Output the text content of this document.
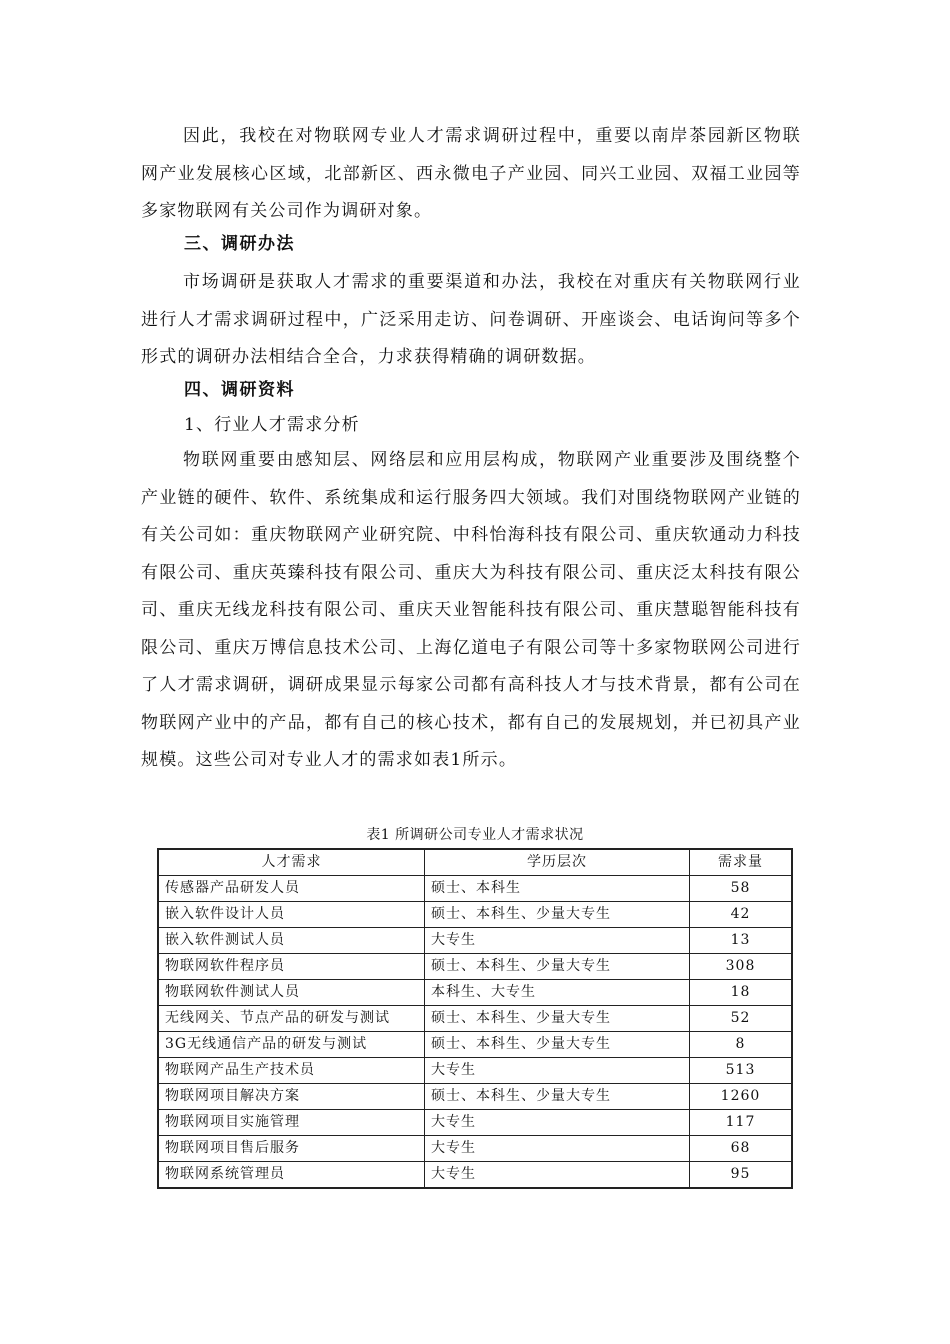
因此，我校在对物联网专业人才需求调研过程中，重要以南岸茶园新区物联网产业发展核心区域，北部新区、西永微电子产业园、同兴工业园、双福工业园等多家物联网有关公司作为调研对象。

三、调研办法

市场调研是获取人才需求的重要渠道和办法，我校在对重庆有关物联网行业进行人才需求调研过程中，广泛采用走访、问卷调研、开座谈会、电话询问等多个形式的调研办法相结合全合，力求获得精确的调研数据。

四、调研资料

1、行业人才需求分析

物联网重要由感知层、网络层和应用层构成，物联网产业重要涉及围绕整个产业链的硬件、软件、系统集成和运行服务四大领域。我们对围绕物联网产业链的有关公司如：重庆物联网产业研究院、中科怡海科技有限公司、重庆软通动力科技有限公司、重庆英臻科技有限公司、重庆大为科技有限公司、重庆泛太科技有限公司、重庆无线龙科技有限公司、重庆天业智能科技有限公司、重庆慧聪智能科技有限公司、重庆万博信息技术公司、上海亿道电子有限公司等十多家物联网公司进行了人才需求调研，调研成果显示每家公司都有高科技人才与技术背景，都有公司在物联网产业中的产品，都有自己的核心技术，都有自己的发展规划，并已初具产业规模。这些公司对专业人才的需求如表1所示。

表1 所调研公司专业人才需求状况
人才需求	学历层次	需求量
传感器产品研发人员	硕士、本科生	58
嵌入软件设计人员	硕士、本科生、少量大专生	42
嵌入软件测试人员	大专生	13
物联网软件程序员	硕士、本科生、少量大专生	308
物联网软件测试人员	本科生、大专生	18
无线网关、节点产品的研发与测试	硕士、本科生、少量大专生	52
3G无线通信产品的研发与测试	硕士、本科生、少量大专生	8
物联网产品生产技术员	大专生	513
物联网项目解决方案	硕士、本科生、少量大专生	1260
物联网项目实施管理	大专生	117
物联网项目售后服务	大专生	68
物联网系统管理员	大专生	95
